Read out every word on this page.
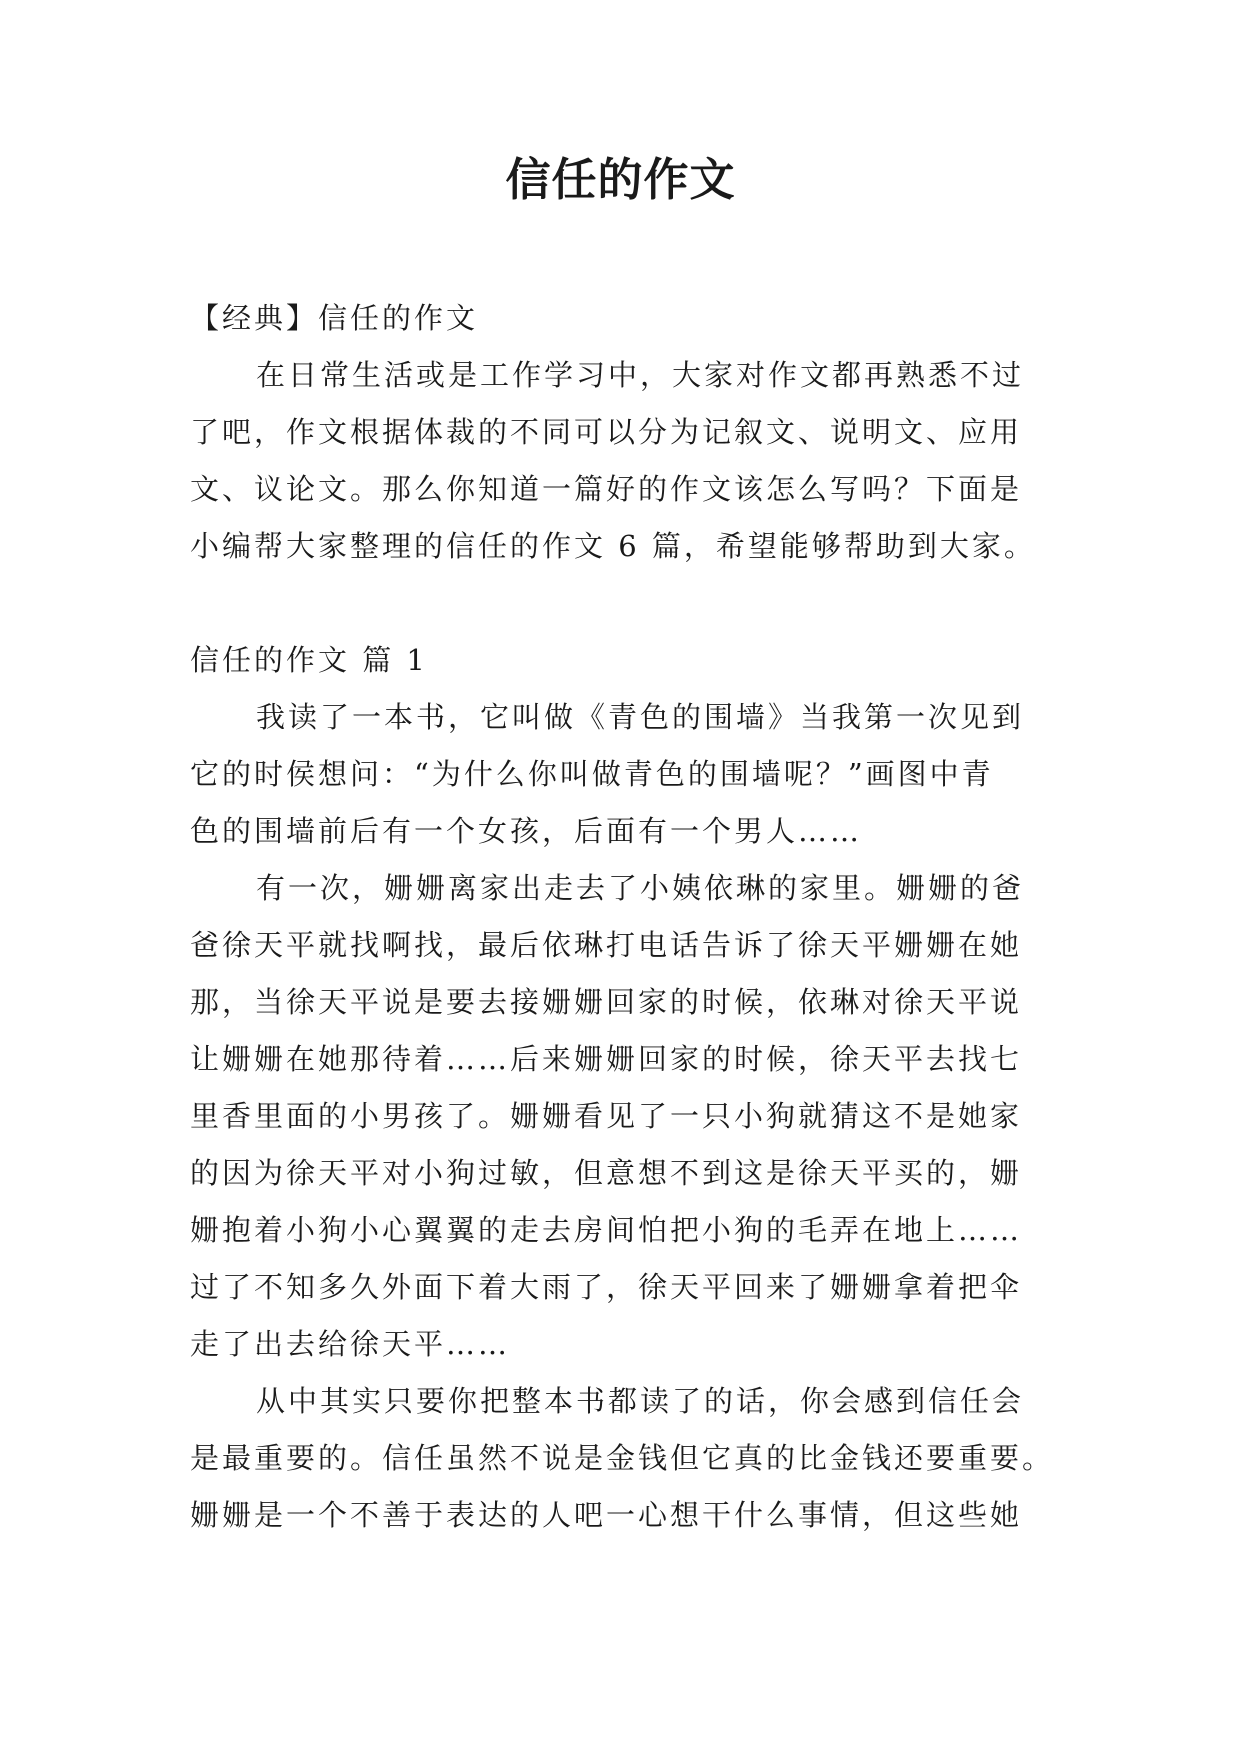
信任的作文

【经典】信任的作文

在日常生活或是工作学习中，大家对作文都再熟悉不过

了吧，作文根据体裁的不同可以分为记叙文、说明文、应用

文、议论文。那么你知道一篇好的作文该怎么写吗？下面是

小编帮大家整理的信任的作文 6 篇，希望能够帮助到大家。

信任的作文 篇 1

我读了一本书，它叫做《青色的围墙》当我第一次见到

它的时侯想问：“为什么你叫做青色的围墙呢？”画图中青

色的围墙前后有一个女孩，后面有一个男人……

有一次，姗姗离家出走去了小姨依琳的家里。姗姗的爸

爸徐天平就找啊找，最后依琳打电话告诉了徐天平姗姗在她

那，当徐天平说是要去接姗姗回家的时候，依琳对徐天平说

让姗姗在她那待着……后来姗姗回家的时候，徐天平去找七

里香里面的小男孩了。姗姗看见了一只小狗就猜这不是她家

的因为徐天平对小狗过敏，但意想不到这是徐天平买的，姗

姗抱着小狗小心翼翼的走去房间怕把小狗的毛弄在地上……

过了不知多久外面下着大雨了，徐天平回来了姗姗拿着把伞

走了出去给徐天平……

从中其实只要你把整本书都读了的话，你会感到信任会

是最重要的。信任虽然不说是金钱但它真的比金钱还要重要。

姗姗是一个不善于表达的人吧一心想干什么事情，但这些她
